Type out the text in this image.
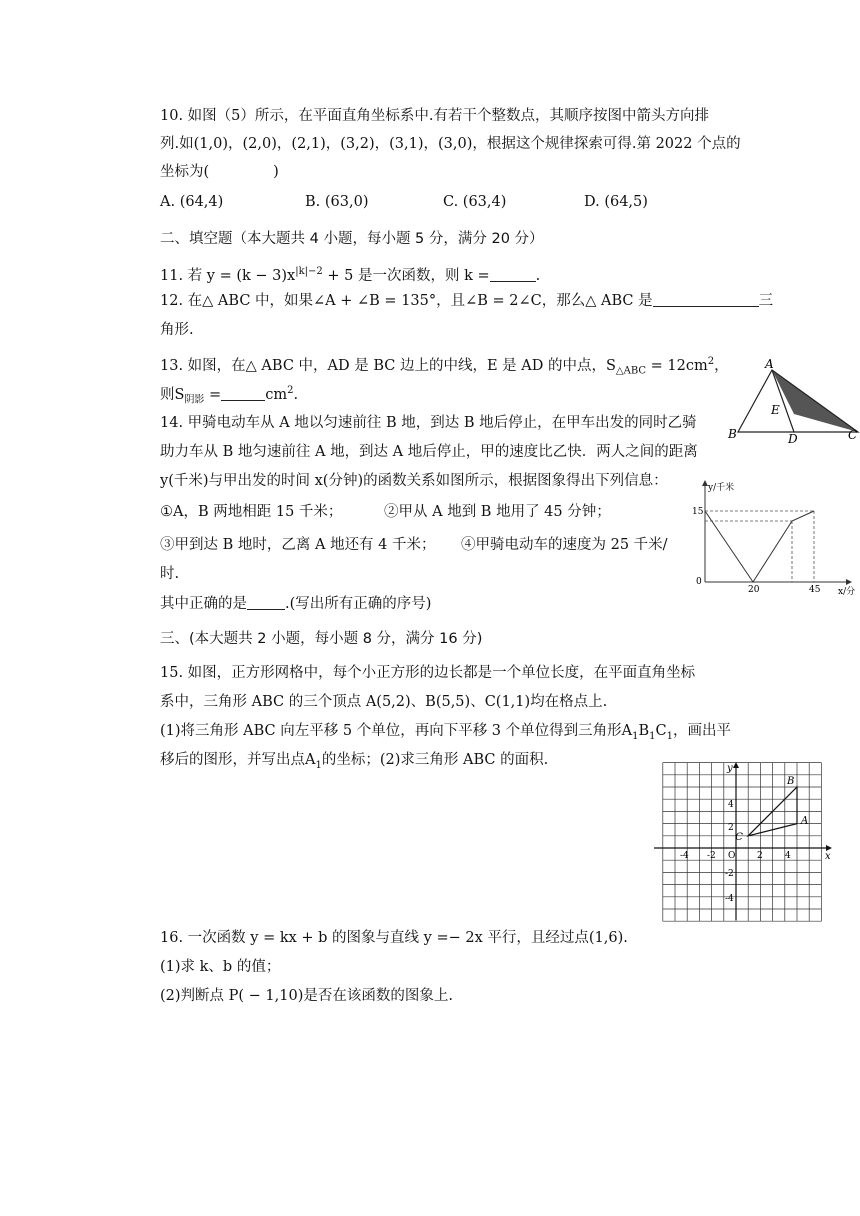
10. 如图（5）所示，在平面直角坐标系中.有若干个整数点，其顺序按图中箭头方向排
列.如(1,0)，(2,0)，(2,1)，(3,2)，(3,1)，(3,0)，根据这个规律探索可得.第 2022 个点的
坐标为(	)
A. (64,4)	B. (63,0)	C. (63,4)	D. (64,5)
二、填空题（本大题共 4 小题，每小题 5 分，满分 20 分）
11. 若 $y = (k - 3)x^{|k|-2} + 5$ 是一次函数，则 k =	.
12. 在△ ABC 中，如果∠A + ∠B = 135°，且∠B = 2∠C，那么△ ABC 是	三
角形.
13. 如图，在△ ABC 中，AD 是 BC 边上的中线，E 是 AD 的中点，$S_{\triangle ABC} = 12cm^2$，
则$S_{阴影}$ =	$cm^2$.
A
E
B	D	C
14. 甲骑电动车从 A 地以匀速前往 B 地，到达 B 地后停止，在甲车出发的同时乙骑
助力车从 B 地匀速前往 A 地，到达 A 地后停止，甲的速度比乙快．两人之间的距离
y(千米)与甲出发的时间 x(分钟)的函数关系如图所示，根据图象得出下列信息：
①A，B 两地相距 15 千米；	②甲从 A 地到 B 地用了 45 分钟；
③甲到达 B 地时，乙离 A 地还有 4 千米； ④甲骑电动车的速度为 25 千米/
时.
其中正确的是	.(写出所有正确的序号)
y/千米
x/分
15
0
20	45
三、(本大题共 2 小题，每小题 8 分，满分 16 分)
15. 如图，正方形网格中，每个小正方形的边长都是一个单位长度，在平面直角坐标
系中，三角形 ABC 的三个顶点 A(5,2)、B(5,5)、C(1,1)均在格点上.
(1)将三角形 ABC 向左平移 5 个单位，再向下平移 3 个单位得到三角形$A_1B_1C_1$，画出平
移后的图形，并写出点$A_1$的坐标；(2)求三角形 ABC 的面积.
y
x
-4 -2 O 2 4
4
2
-2
-4
A
B
C
16. 一次函数 y = kx + b 的图象与直线 y =− 2x 平行，且经过点(1,6).
(1)求 k、b 的值；
(2)判断点 P( − 1,10)是否在该函数的图象上.
